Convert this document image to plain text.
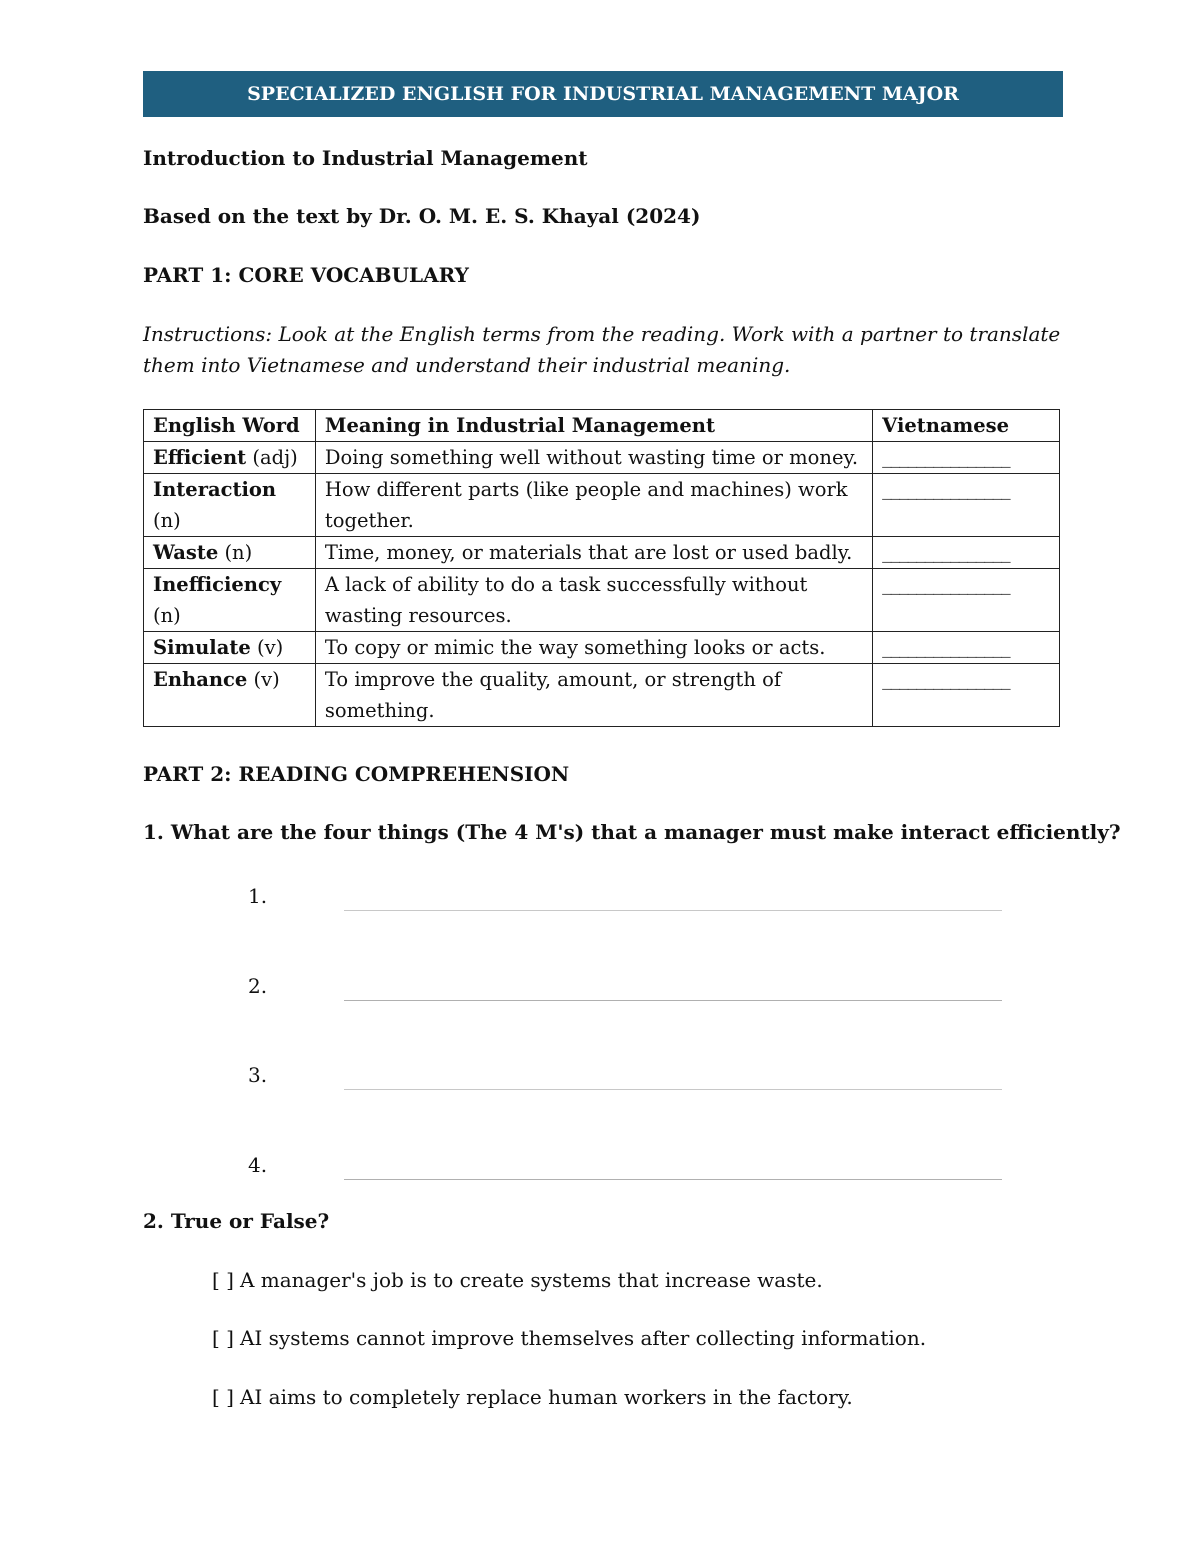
SPECIALIZED ENGLISH FOR INDUSTRIAL MANAGEMENT MAJOR
Introduction to Industrial Management
Based on the text by Dr. O. M. E. S. Khayal (2024)
PART 1: CORE VOCABULARY
Instructions: Look at the English terms from the reading. Work with a partner to translate them into Vietnamese and understand their industrial meaning.
English Word	Meaning in Industrial Management	Vietnamese
Efficient (adj)	Doing something well without wasting time or money.	_______________

Interaction (n)	How different parts (like people and machines) work together.	_______________

Waste (n)	Time, money, or materials that are lost or used badly.	_______________

Inefficiency (n)	A lack of ability to do a task successfully without wasting resources.	_______________

Simulate (v)	To copy or mimic the way something looks or acts.	_______________

Enhance (v)	To improve the quality, amount, or strength of something.	_______________
PART 2: READING COMPREHENSION
1. What are the four things (The 4 M's) that a manager must make interact efficiently?
1.
2.
3.
4.
2. True or False?
[ ] A manager's job is to create systems that increase waste.
[ ] AI systems cannot improve themselves after collecting information.
[ ] AI aims to completely replace human workers in the factory.
